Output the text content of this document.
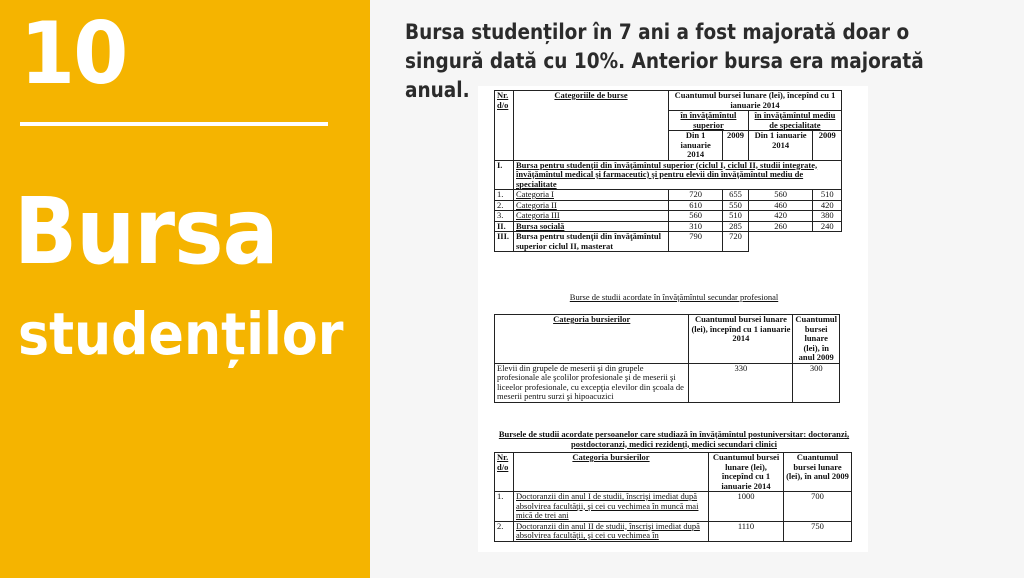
10
Bursa
studenților
Bursa studenților în 7 ani a fost majorată doar o singură dată cu 10%. Anterior bursa era majorată anual.	Nr. d/o	Categoriile de burse	Cuantumul bursei lunare (lei), începînd cu 1 ianuarie 2014			
		în învăţămîntul superior		în învăţămîntul mediu de specialitate	
		Din 1 ianuarie 2014	2009	Din 1 ianuarie 2014	2009
I.	Bursa pentru studenţii din învăţămîntul superior (ciclul I, ciclul II, studii integrate, învăţămîntul medical şi farmaceutic) şi pentru elevii din învăţămîntul mediu de specialitate				
1.	Categoria I	720	655	560	510
2.	Categoria II	610	550	460	420
3.	Categoria III	560	510	420	380
II.	Bursa socială	310	285	260	240
III.	Bursa pentru studenţii din învăţămîntul superior ciclul II, masterat	790	720		
Burse de studii acordate în învăţămîntul secundar profesional
Categoria bursierilor	Cuantumul bursei lunare (lei), începînd cu 1 ianuarie 2014	Cuantumul bursei lunare (lei), în anul 2009
Elevii din grupele de meserii şi din grupele profesionale ale şcolilor profesionale şi de meserii şi liceelor profesionale, cu excepţia elevilor din şcoala de meserii pentru surzi şi hipoacuzici	330	300
Bursele de studii acordate persoanelor care studiază în învăţămîntul postuniversitar: doctoranzi, postdoctoranzi, medici rezidenţi, medici secundari clinici
Nr. d/o	Categoria bursierilor	Cuantumul bursei lunare (lei), începînd cu 1 ianuarie 2014	Cuantumul bursei lunare (lei), în anul 2009
1.	Doctoranzii din anul I de studii, înscrişi imediat după absolvirea facultăţii, şi cei cu vechimea în muncă mai mică de trei ani	1000	700
2.	Doctoranzii din anul II de studii, înscrişi imediat după absolvirea facultăţii, şi cei cu vechimea în	1110	750
